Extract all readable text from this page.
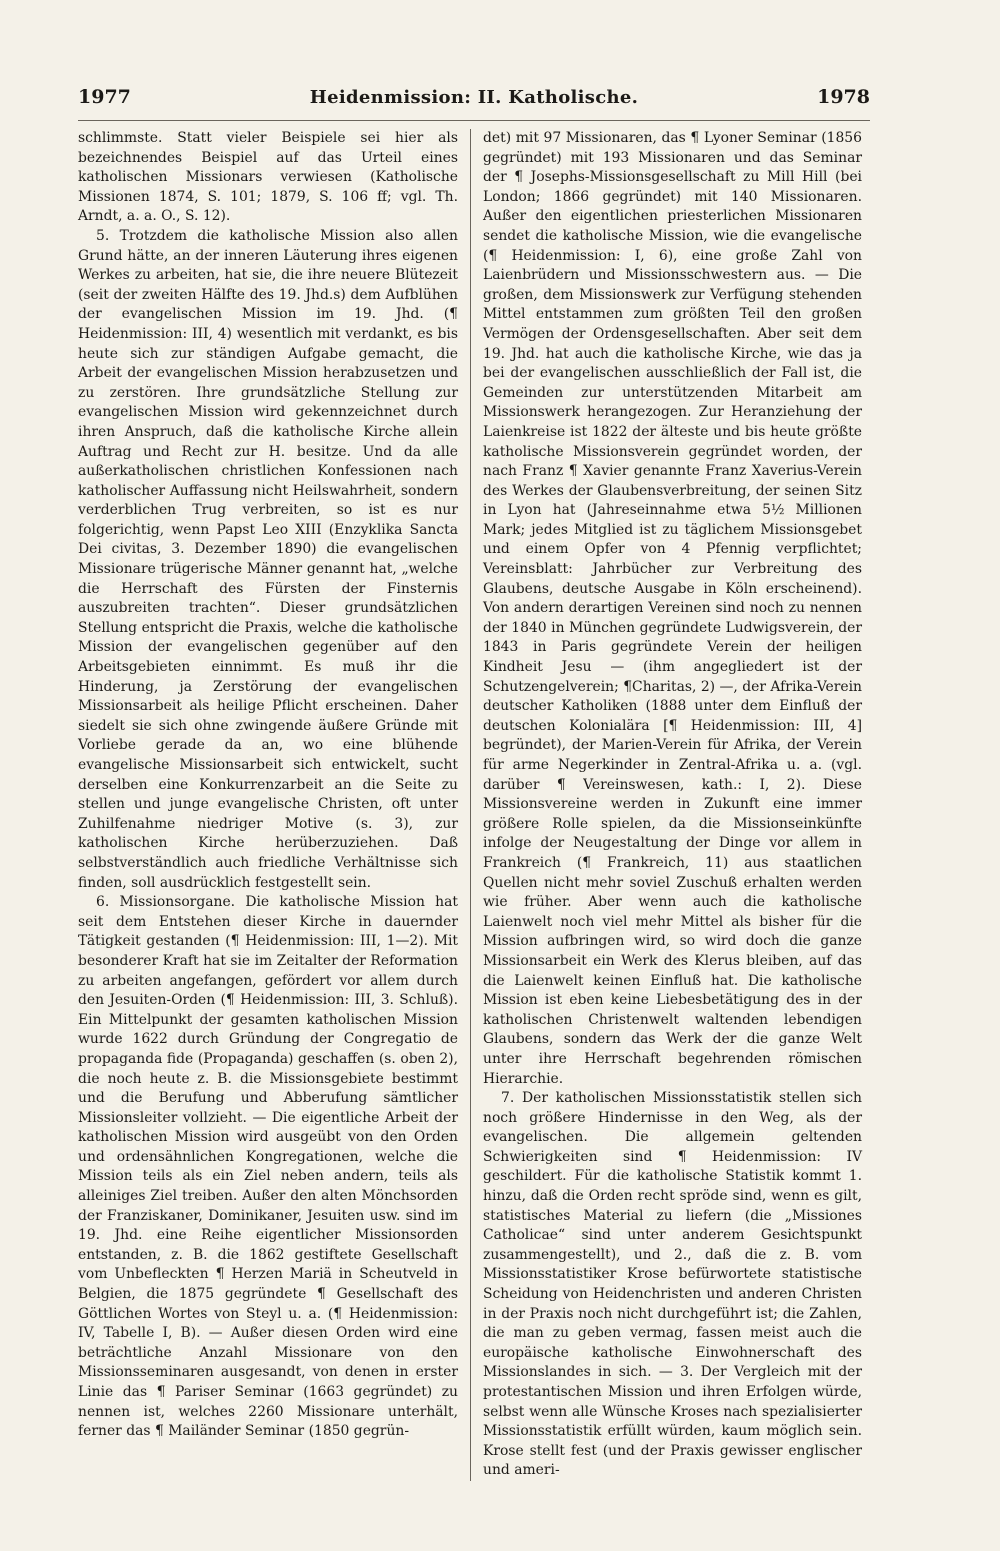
1977	Heidenmission: II. Katholische.	1978

schlimmste. Statt vieler Beispiele sei hier als bezeichnendes Beispiel auf das Urteil eines katholischen Missionars verwiesen (Katholische Missionen 1874, S. 101; 1879, S. 106 ff; vgl. Th. Arndt, a. a. O., S. 12).

5. Trotzdem die katholische Mission also allen Grund hätte, an der inneren Läuterung ihres eigenen Werkes zu arbeiten, hat sie, die ihre neuere Blütezeit (seit der zweiten Hälfte des 19. Jhd.s) dem Aufblühen der evangelischen Mission im 19. Jhd. (¶ Heidenmission: III, 4) wesentlich mit verdankt, es bis heute sich zur ständigen Aufgabe gemacht, die Arbeit der evangelischen Mission herabzusetzen und zu zerstören. Ihre grundsätzliche Stellung zur evangelischen Mission wird gekennzeichnet durch ihren Anspruch, daß die katholische Kirche allein Auftrag und Recht zur H. besitze. Und da alle außerkatholischen christlichen Konfessionen nach katholischer Auffassung nicht Heilswahrheit, sondern verderblichen Trug verbreiten, so ist es nur folgerichtig, wenn Papst Leo XIII (Enzyklika Sancta Dei civitas, 3. Dezember 1890) die evangelischen Missionare trügerische Männer genannt hat, „welche die Herrschaft des Fürsten der Finsternis auszubreiten trachten“. Dieser grundsätzlichen Stellung entspricht die Praxis, welche die katholische Mission der evangelischen gegenüber auf den Arbeitsgebieten einnimmt. Es muß ihr die Hinderung, ja Zerstörung der evangelischen Missionsarbeit als heilige Pflicht erscheinen. Daher siedelt sie sich ohne zwingende äußere Gründe mit Vorliebe gerade da an, wo eine blühende evangelische Missionsarbeit sich entwickelt, sucht derselben eine Konkurrenzarbeit an die Seite zu stellen und junge evangelische Christen, oft unter Zuhilfenahme niedriger Motive (s. 3), zur katholischen Kirche herüberzuziehen. Daß selbstverständlich auch friedliche Verhältnisse sich finden, soll ausdrücklich festgestellt sein.

6. Missionsorgane. Die katholische Mission hat seit dem Entstehen dieser Kirche in dauernder Tätigkeit gestanden (¶ Heidenmission: III, 1—2). Mit besonderer Kraft hat sie im Zeitalter der Reformation zu arbeiten angefangen, gefördert vor allem durch den Jesuiten-Orden (¶ Heidenmission: III, 3. Schluß). Ein Mittelpunkt der gesamten katholischen Mission wurde 1622 durch Gründung der Congregatio de propaganda fide (Propaganda) geschaffen (s. oben 2), die noch heute z. B. die Missionsgebiete bestimmt und die Berufung und Abberufung sämtlicher Missionsleiter vollzieht. — Die eigentliche Arbeit der katholischen Mission wird ausgeübt von den Orden und ordensähnlichen Kongregationen, welche die Mission teils als ein Ziel neben andern, teils als alleiniges Ziel treiben. Außer den alten Mönchsorden der Franziskaner, Dominikaner, Jesuiten usw. sind im 19. Jhd. eine Reihe eigentlicher Missionsorden entstanden, z. B. die 1862 gestiftete Gesellschaft vom Unbefleckten ¶ Herzen Mariä in Scheutveld in Belgien, die 1875 gegründete ¶ Gesellschaft des Göttlichen Wortes von Steyl u. a. (¶ Heidenmission: IV, Tabelle I, B). — Außer diesen Orden wird eine beträchtliche Anzahl Missionare von den Missionsseminaren ausgesandt, von denen in erster Linie das ¶ Pariser Seminar (1663 gegründet) zu nennen ist, welches 2260 Missionare unterhält, ferner das ¶ Mailänder Seminar (1850 gegrün-

det) mit 97 Missionaren, das ¶ Lyoner Seminar (1856 gegründet) mit 193 Missionaren und das Seminar der ¶ Josephs-Missionsgesellschaft zu Mill Hill (bei London; 1866 gegründet) mit 140 Missionaren. Außer den eigentlichen priesterlichen Missionaren sendet die katholische Mission, wie die evangelische (¶ Heidenmission: I, 6), eine große Zahl von Laienbrüdern und Missionsschwestern aus. — Die großen, dem Missionswerk zur Verfügung stehenden Mittel entstammen zum größten Teil den großen Vermögen der Ordensgesellschaften. Aber seit dem 19. Jhd. hat auch die katholische Kirche, wie das ja bei der evangelischen ausschließlich der Fall ist, die Gemeinden zur unterstützenden Mitarbeit am Missionswerk herangezogen. Zur Heranziehung der Laienkreise ist 1822 der älteste und bis heute größte katholische Missionsverein gegründet worden, der nach Franz ¶ Xavier genannte Franz Xaverius-Verein des Werkes der Glaubensverbreitung, der seinen Sitz in Lyon hat (Jahreseinnahme etwa 5½ Millionen Mark; jedes Mitglied ist zu täglichem Missionsgebet und einem Opfer von 4 Pfennig verpflichtet; Vereinsblatt: Jahrbücher zur Verbreitung des Glaubens, deutsche Ausgabe in Köln erscheinend). Von andern derartigen Vereinen sind noch zu nennen der 1840 in München gegründete Ludwigsverein, der 1843 in Paris gegründete Verein der heiligen Kindheit Jesu — (ihm angegliedert ist der Schutzengelverein; ¶Charitas, 2) —, der Afrika-Verein deutscher Katholiken (1888 unter dem Einfluß der deutschen Kolonialära [¶ Heidenmission: III, 4] begründet), der Marien-Verein für Afrika, der Verein für arme Negerkinder in Zentral-Afrika u. a. (vgl. darüber ¶ Vereinswesen, kath.: I, 2). Diese Missionsvereine werden in Zukunft eine immer größere Rolle spielen, da die Missionseinkünfte infolge der Neugestaltung der Dinge vor allem in Frankreich (¶ Frankreich, 11) aus staatlichen Quellen nicht mehr soviel Zuschuß erhalten werden wie früher. Aber wenn auch die katholische Laienwelt noch viel mehr Mittel als bisher für die Mission aufbringen wird, so wird doch die ganze Missionsarbeit ein Werk des Klerus bleiben, auf das die Laienwelt keinen Einfluß hat. Die katholische Mission ist eben keine Liebesbetätigung des in der katholischen Christenwelt waltenden lebendigen Glaubens, sondern das Werk der die ganze Welt unter ihre Herrschaft begehrenden römischen Hierarchie.

7. Der katholischen Missionsstatistik stellen sich noch größere Hindernisse in den Weg, als der evangelischen. Die allgemein geltenden Schwierigkeiten sind ¶ Heidenmission: IV geschildert. Für die katholische Statistik kommt 1. hinzu, daß die Orden recht spröde sind, wenn es gilt, statistisches Material zu liefern (die „Missiones Catholicae“ sind unter anderem Gesichtspunkt zusammengestellt), und 2., daß die z. B. vom Missionsstatistiker Krose befürwortete statistische Scheidung von Heidenchristen und anderen Christen in der Praxis noch nicht durchgeführt ist; die Zahlen, die man zu geben vermag, fassen meist auch die europäische katholische Einwohnerschaft des Missionslandes in sich. — 3. Der Vergleich mit der protestantischen Mission und ihren Erfolgen würde, selbst wenn alle Wünsche Kroses nach spezialisierter Missionsstatistik erfüllt würden, kaum möglich sein. Krose stellt fest (und der Praxis gewisser englischer und ameri-
